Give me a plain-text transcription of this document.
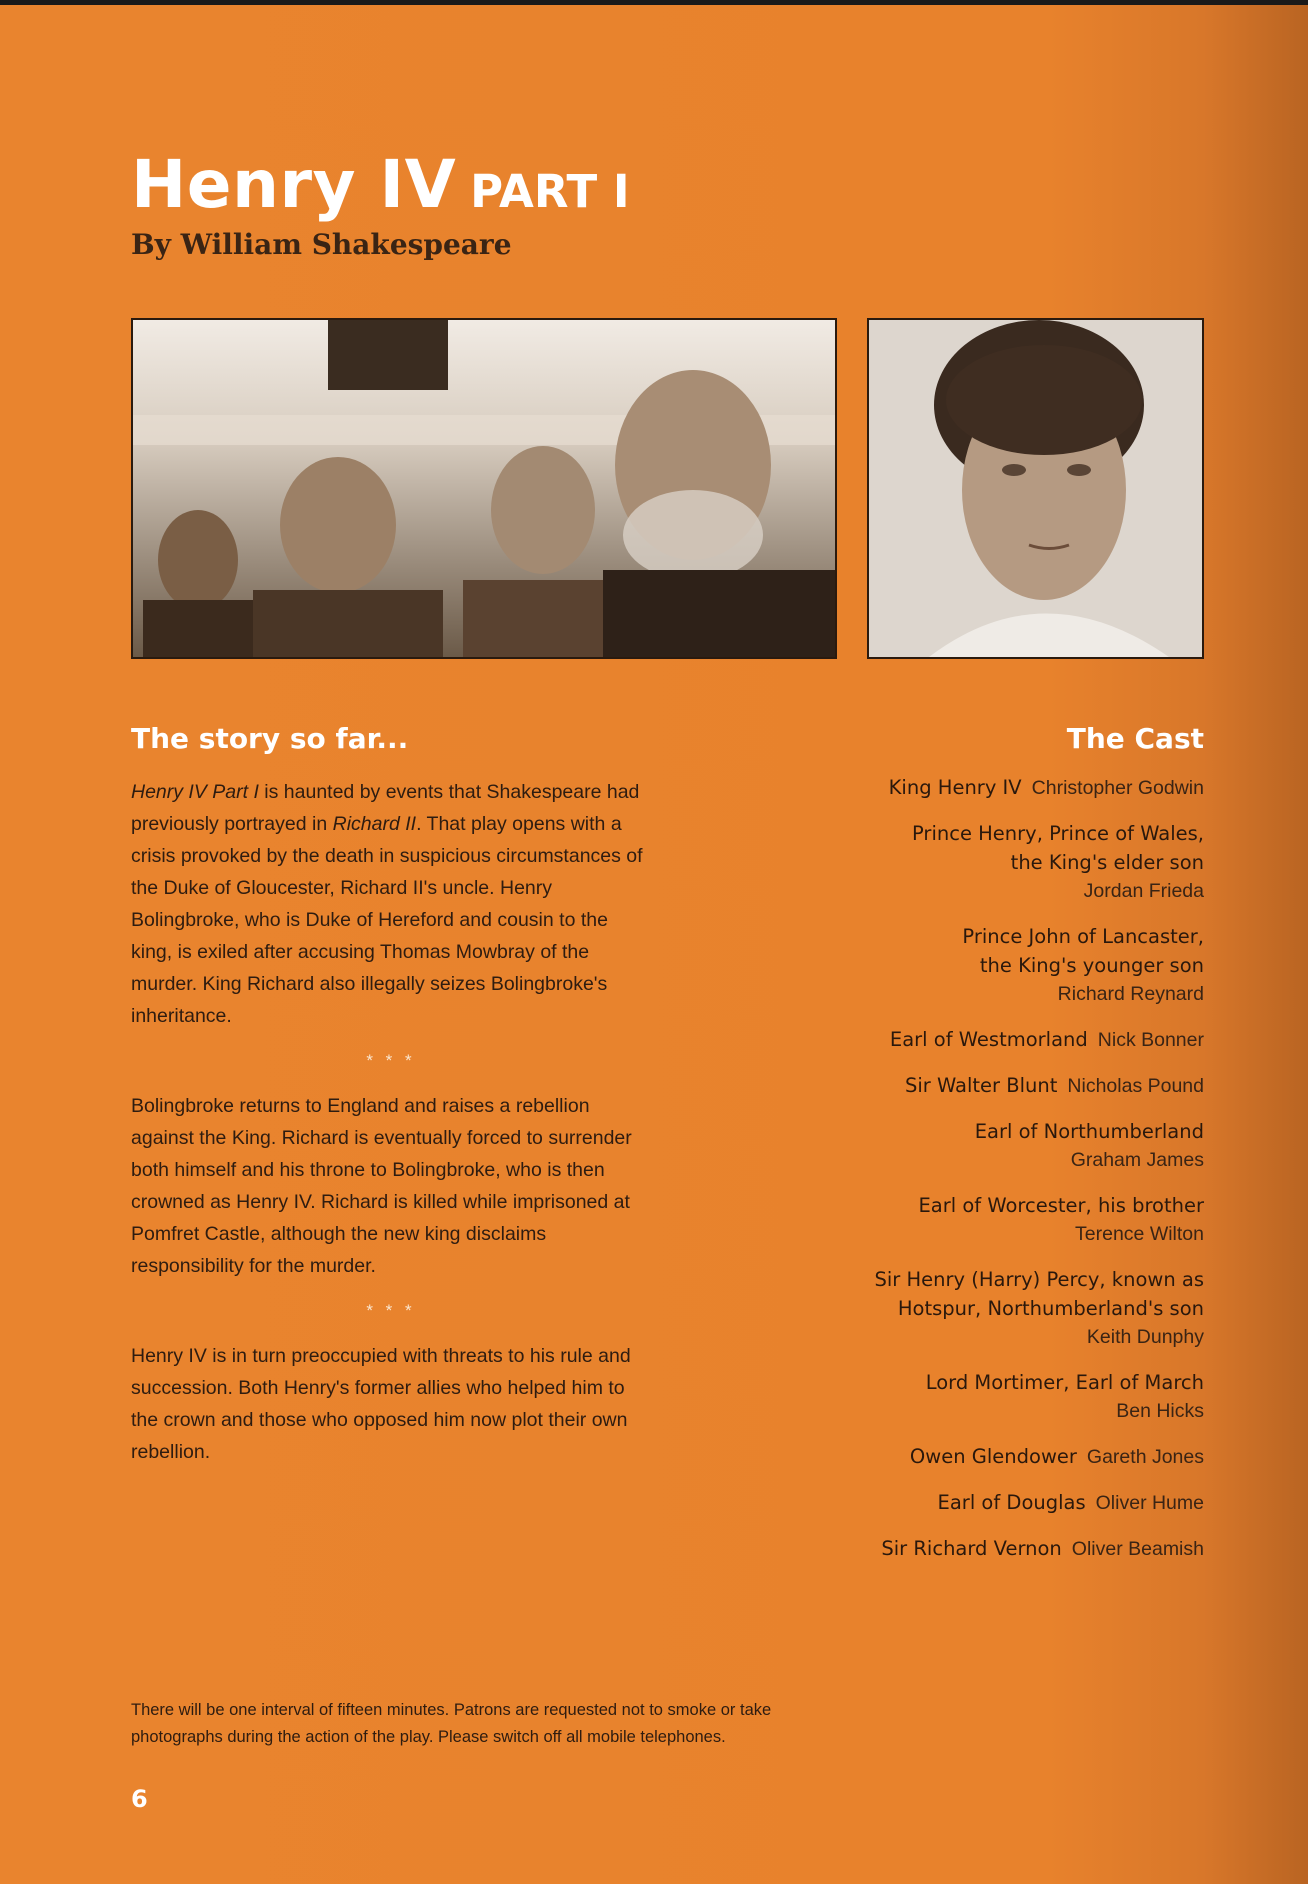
Henry IV PART I
By William Shakespeare
The story so far...	The Cast

Henry IV Part I is haunted by events that Shakespeare had previously portrayed in Richard II. That play opens with a crisis provoked by the death in suspicious circumstances of the Duke of Gloucester, Richard II's uncle. Henry Bolingbroke, who is Duke of Hereford and cousin to the king, is exiled after accusing Thomas Mowbray of the murder. King Richard also illegally seizes Bolingbroke's inheritance.

* * *

Bolingbroke returns to England and raises a rebellion against the King. Richard is eventually forced to surrender both himself and his throne to Bolingbroke, who is then crowned as Henry IV. Richard is killed while imprisoned at Pomfret Castle, although the new king disclaims responsibility for the murder.

* * *

Henry IV is in turn preoccupied with threats to his rule and succession. Both Henry's former allies who helped him to the crown and those who opposed him now plot their own rebellion.

King Henry IV Christopher Godwin
Prince Henry, Prince of Wales,
the King's elder son
Jordan Frieda
Prince John of Lancaster,
the King's younger son
Richard Reynard
Earl of Westmorland Nick Bonner
Sir Walter Blunt Nicholas Pound
Earl of Northumberland
Graham James
Earl of Worcester, his brother
Terence Wilton
Sir Henry (Harry) Percy, known as
Hotspur, Northumberland's son
Keith Dunphy
Lord Mortimer, Earl of March
Ben Hicks
Owen Glendower Gareth Jones
Earl of Douglas Oliver Hume
Sir Richard Vernon Oliver Beamish
There will be one interval of fifteen minutes. Patrons are requested not to smoke or take photographs during the action of the play. Please switch off all mobile telephones.
6
